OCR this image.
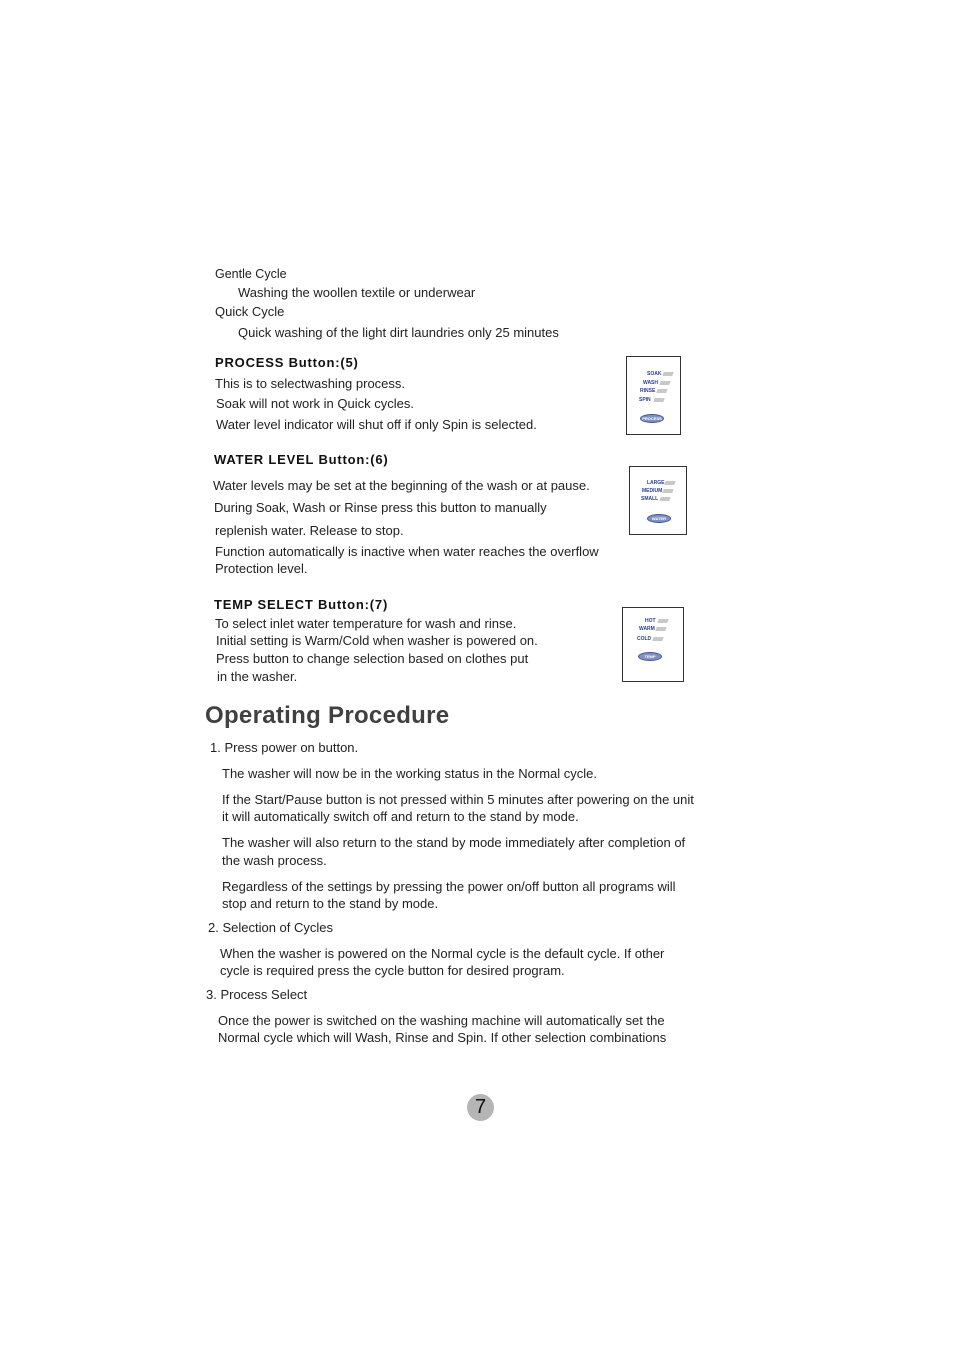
Gentle Cycle
Washing the woollen textile or underwear
Quick Cycle
Quick washing of the light dirt laundries only 25 minutes
PROCESS Button:(5)
This is to selectwashing process.
Soak will not work in Quick cycles.
Water level indicator will shut off if only Spin is selected.
SOAK
WASH
RINSE
SPIN
PROCESS
WATER LEVEL Button:(6)
Water levels may be set at the beginning of the wash or at pause.
During Soak, Wash or Rinse press this button to manually
replenish water. Release to stop.
Function automatically is inactive when water reaches the overflow
Protection level.
LARGE
MEDIUM
SMALL
WATER LEVEL
TEMP SELECT Button:(7)
To select inlet water temperature for wash and rinse.
Initial setting is Warm/Cold when washer is powered on.
Press button to change selection based on clothes put
in the washer.
HOT
WARM
COLD
TEMP
Operating Procedure
1. Press power on button.
The washer will now be in the working status in the Normal cycle.
If the Start/Pause button is not pressed within 5 minutes after powering on the unit
it will automatically switch off and return to the stand by mode.
The washer will also return to the stand by mode immediately after completion of
the wash process.
Regardless of the settings by pressing the power on/off button all programs will
stop and return to the stand by mode.
2. Selection of Cycles
When the washer is powered on the Normal cycle is the default cycle. If other
cycle is required press the cycle button for desired program.
3. Process Select
Once the power is switched on the washing machine will automatically set the
Normal cycle which will Wash, Rinse and Spin. If other selection combinations
7
